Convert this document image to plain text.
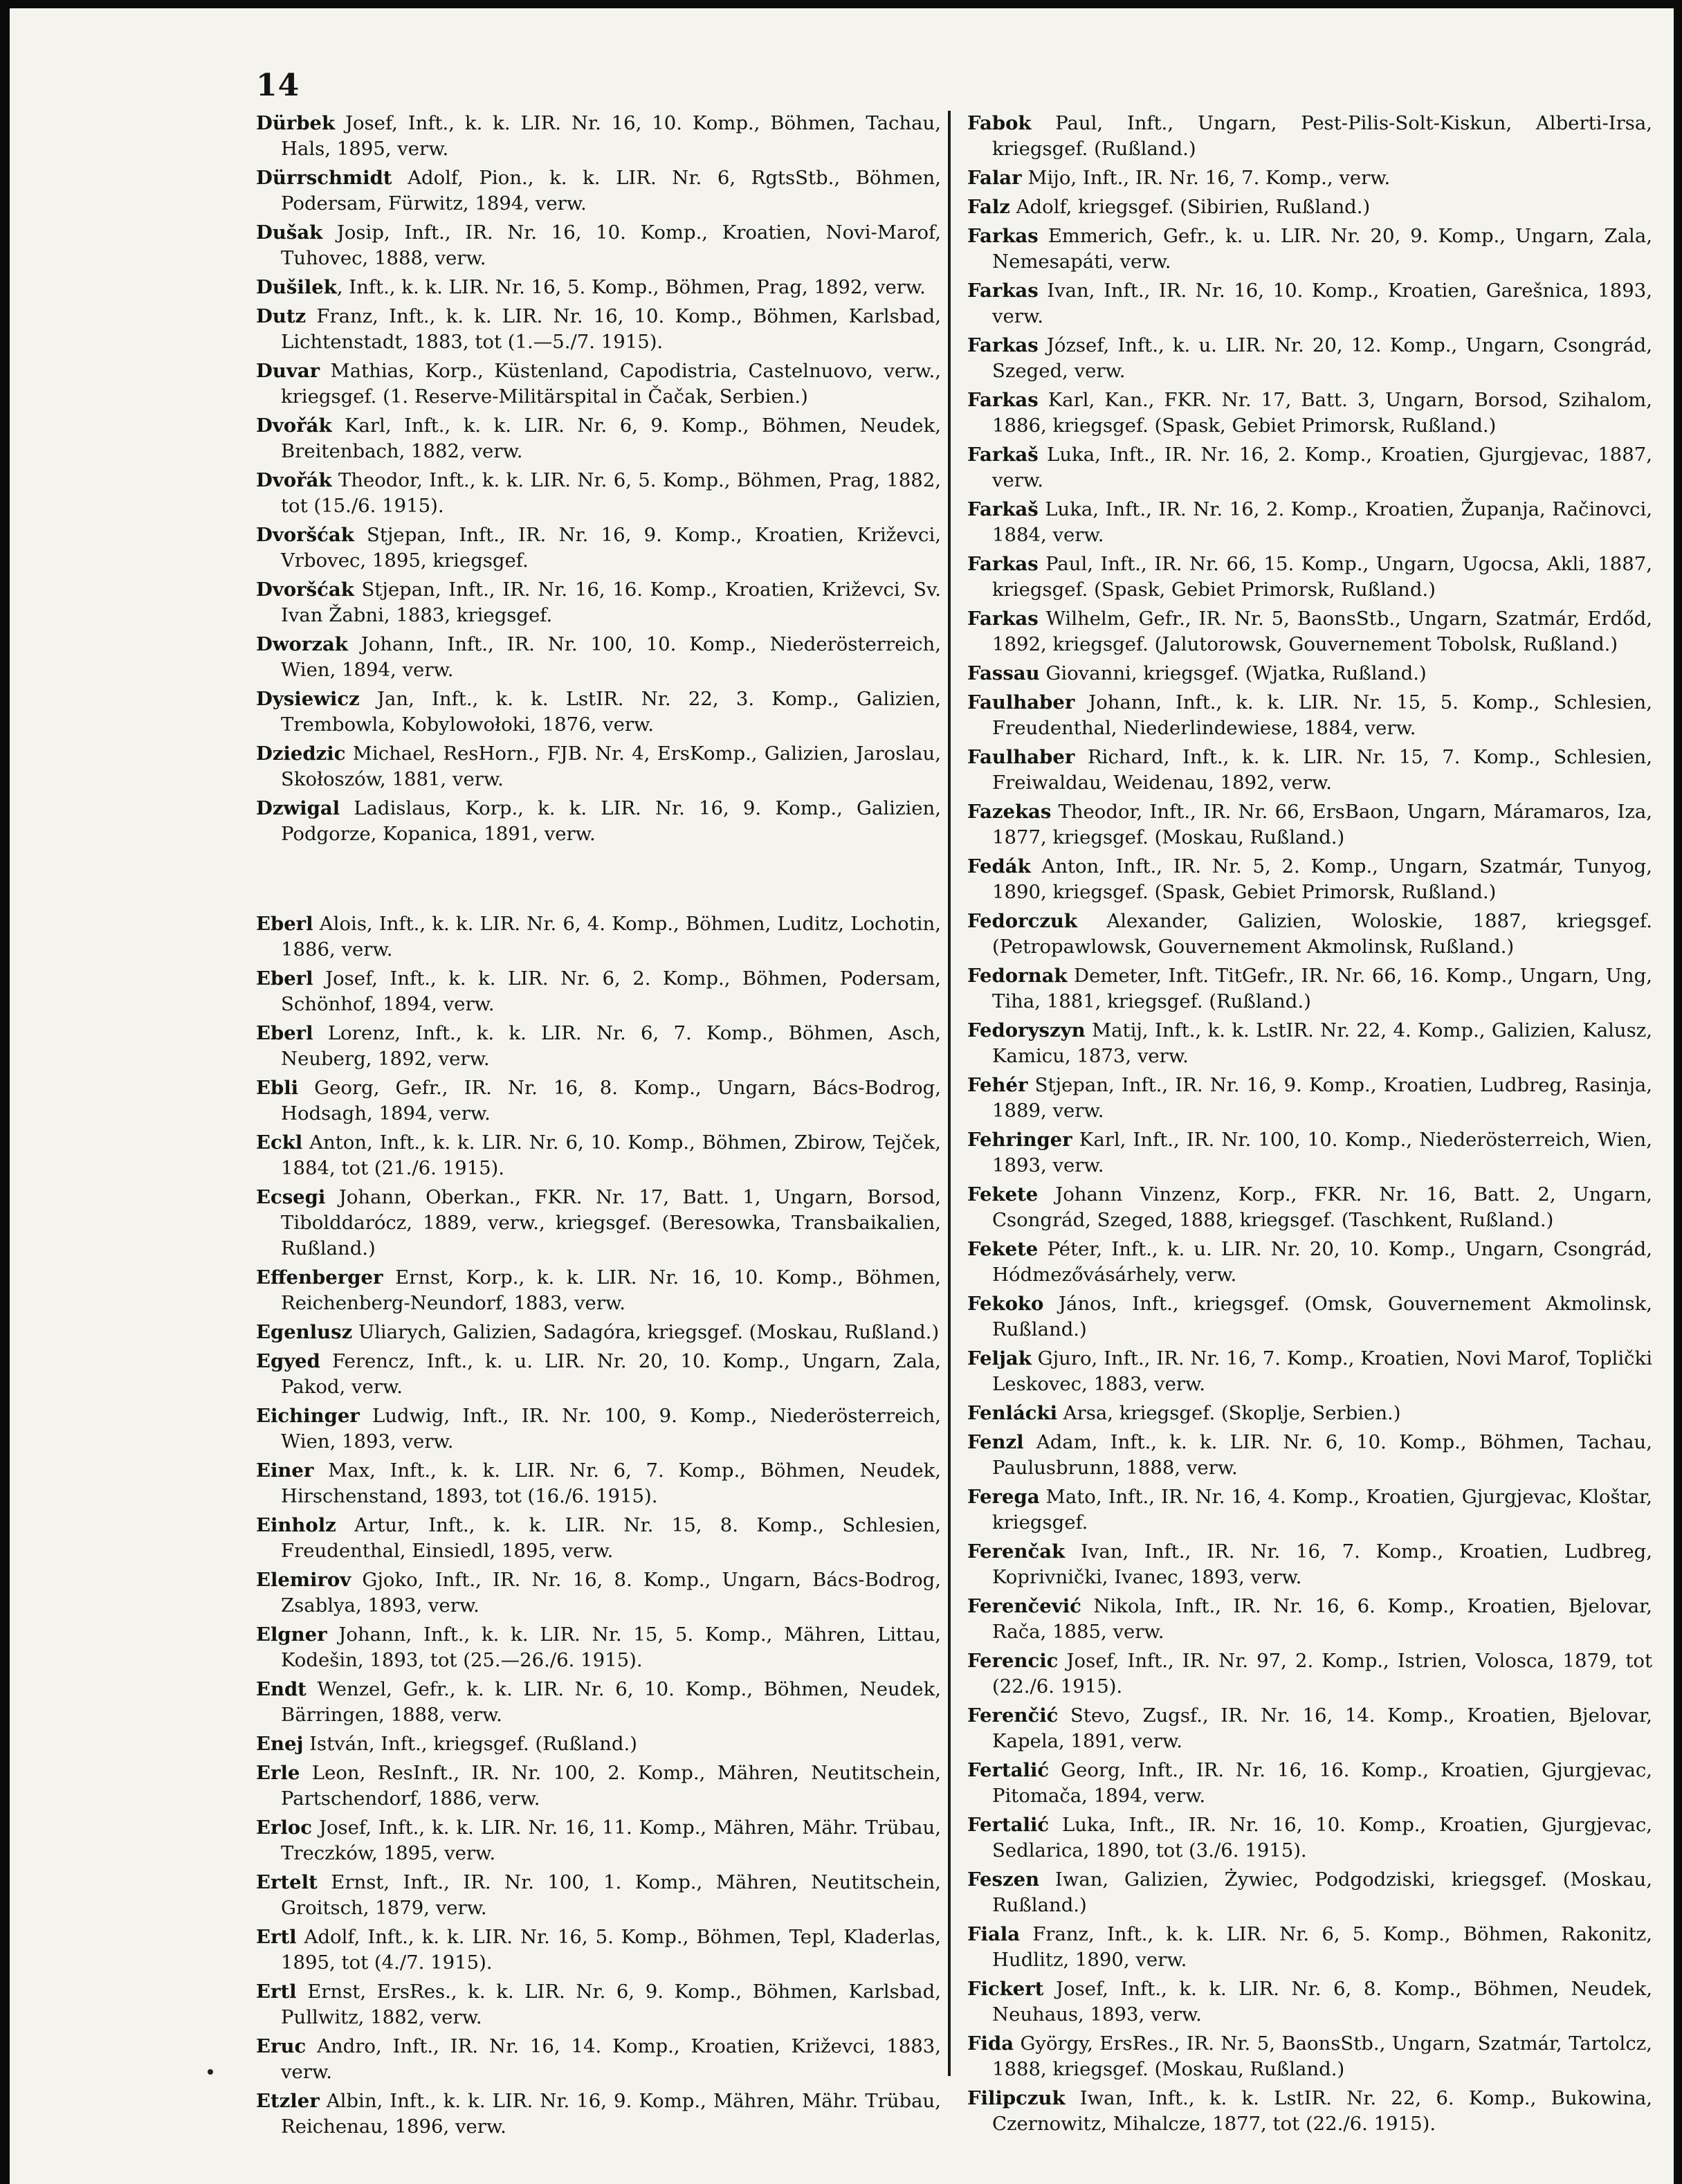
14
Dürbek Josef, Inft., k. k. LIR. Nr. 16, 10. Komp., Böhmen, Tachau, Hals, 1895, verw.
Dürrschmidt Adolf, Pion., k. k. LIR. Nr. 6, RgtsStb., Böhmen, Podersam, Fürwitz, 1894, verw.
Dušak Josip, Inft., IR. Nr. 16, 10. Komp., Kroatien, Novi-Marof, Tuhovec, 1888, verw.
Dušilek, Inft., k. k. LIR. Nr. 16, 5. Komp., Böhmen, Prag, 1892, verw.
Dutz Franz, Inft., k. k. LIR. Nr. 16, 10. Komp., Böhmen, Karlsbad, Lichtenstadt, 1883, tot (1.—5./7. 1915).
Duvar Mathias, Korp., Küstenland, Capodistria, Castelnuovo, verw., kriegsgef. (1. Reserve-Militärspital in Čačak, Serbien.)
Dvořák Karl, Inft., k. k. LIR. Nr. 6, 9. Komp., Böhmen, Neudek, Breitenbach, 1882, verw.
Dvořák Theodor, Inft., k. k. LIR. Nr. 6, 5. Komp., Böhmen, Prag, 1882, tot (15./6. 1915).
Dvoršćak Stjepan, Inft., IR. Nr. 16, 9. Komp., Kroatien, Križevci, Vrbovec, 1895, kriegsgef.
Dvoršćak Stjepan, Inft., IR. Nr. 16, 16. Komp., Kroatien, Križevci, Sv. Ivan Žabni, 1883, kriegsgef.
Dworzak Johann, Inft., IR. Nr. 100, 10. Komp., Niederösterreich, Wien, 1894, verw.
Dysiewicz Jan, Inft., k. k. LstIR. Nr. 22, 3. Komp., Galizien, Trembowla, Kobylowołoki, 1876, verw.
Dziedzic Michael, ResHorn., FJB. Nr. 4, ErsKomp., Galizien, Jaroslau, Skołoszów, 1881, verw.
Dzwigal Ladislaus, Korp., k. k. LIR. Nr. 16, 9. Komp., Galizien, Podgorze, Kopanica, 1891, verw.
Eberl Alois, Inft., k. k. LIR. Nr. 6, 4. Komp., Böhmen, Luditz, Lochotin, 1886, verw.
Eberl Josef, Inft., k. k. LIR. Nr. 6, 2. Komp., Böhmen, Podersam, Schönhof, 1894, verw.
Eberl Lorenz, Inft., k. k. LIR. Nr. 6, 7. Komp., Böhmen, Asch, Neuberg, 1892, verw.
Ebli Georg, Gefr., IR. Nr. 16, 8. Komp., Ungarn, Bács-Bodrog, Hodsagh, 1894, verw.
Eckl Anton, Inft., k. k. LIR. Nr. 6, 10. Komp., Böhmen, Zbirow, Tejček, 1884, tot (21./6. 1915).
Ecsegi Johann, Oberkan., FKR. Nr. 17, Batt. 1, Ungarn, Borsod, Tibolddarócz, 1889, verw., kriegsgef. (Beresowka, Transbaikalien, Rußland.)
Effenberger Ernst, Korp., k. k. LIR. Nr. 16, 10. Komp., Böhmen, Reichenberg-Neundorf, 1883, verw.
Egenlusz Uliarych, Galizien, Sadagóra, kriegsgef. (Moskau, Rußland.)
Egyed Ferencz, Inft., k. u. LIR. Nr. 20, 10. Komp., Ungarn, Zala, Pakod, verw.
Eichinger Ludwig, Inft., IR. Nr. 100, 9. Komp., Niederösterreich, Wien, 1893, verw.
Einer Max, Inft., k. k. LIR. Nr. 6, 7. Komp., Böhmen, Neudek, Hirschenstand, 1893, tot (16./6. 1915).
Einholz Artur, Inft., k. k. LIR. Nr. 15, 8. Komp., Schlesien, Freudenthal, Einsiedl, 1895, verw.
Elemirov Gjoko, Inft., IR. Nr. 16, 8. Komp., Ungarn, Bács-Bodrog, Zsablya, 1893, verw.
Elgner Johann, Inft., k. k. LIR. Nr. 15, 5. Komp., Mähren, Littau, Kodešin, 1893, tot (25.—26./6. 1915).
Endt Wenzel, Gefr., k. k. LIR. Nr. 6, 10. Komp., Böhmen, Neudek, Bärringen, 1888, verw.
Enej István, Inft., kriegsgef. (Rußland.)
Erle Leon, ResInft., IR. Nr. 100, 2. Komp., Mähren, Neutitschein, Partschendorf, 1886, verw.
Erloc Josef, Inft., k. k. LIR. Nr. 16, 11. Komp., Mähren, Mähr. Trübau, Treczków, 1895, verw.
Ertelt Ernst, Inft., IR. Nr. 100, 1. Komp., Mähren, Neutitschein, Groitsch, 1879, verw.
Ertl Adolf, Inft., k. k. LIR. Nr. 16, 5. Komp., Böhmen, Tepl, Kladerlas, 1895, tot (4./7. 1915).
Ertl Ernst, ErsRes., k. k. LIR. Nr. 6, 9. Komp., Böhmen, Karlsbad, Pullwitz, 1882, verw.
Eruc Andro, Inft., IR. Nr. 16, 14. Komp., Kroatien, Križevci, 1883, verw.
Etzler Albin, Inft., k. k. LIR. Nr. 16, 9. Komp., Mähren, Mähr. Trübau, Reichenau, 1896, verw.
Fabok Paul, Inft., Ungarn, Pest-Pilis-Solt-Kiskun, Alberti-Irsa, kriegsgef. (Rußland.)
Falar Mijo, Inft., IR. Nr. 16, 7. Komp., verw.
Falz Adolf, kriegsgef. (Sibirien, Rußland.)
Farkas Emmerich, Gefr., k. u. LIR. Nr. 20, 9. Komp., Ungarn, Zala, Nemesapáti, verw.
Farkas Ivan, Inft., IR. Nr. 16, 10. Komp., Kroatien, Garešnica, 1893, verw.
Farkas József, Inft., k. u. LIR. Nr. 20, 12. Komp., Ungarn, Csongrád, Szeged, verw.
Farkas Karl, Kan., FKR. Nr. 17, Batt. 3, Ungarn, Borsod, Szihalom, 1886, kriegsgef. (Spask, Gebiet Primorsk, Rußland.)
Farkaš Luka, Inft., IR. Nr. 16, 2. Komp., Kroatien, Gjurgjevac, 1887, verw.
Farkaš Luka, Inft., IR. Nr. 16, 2. Komp., Kroatien, Županja, Račinovci, 1884, verw.
Farkas Paul, Inft., IR. Nr. 66, 15. Komp., Ungarn, Ugocsa, Akli, 1887, kriegsgef. (Spask, Gebiet Primorsk, Rußland.)
Farkas Wilhelm, Gefr., IR. Nr. 5, BaonsStb., Ungarn, Szatmár, Erdőd, 1892, kriegsgef. (Jalutorowsk, Gouvernement Tobolsk, Rußland.)
Fassau Giovanni, kriegsgef. (Wjatka, Rußland.)
Faulhaber Johann, Inft., k. k. LIR. Nr. 15, 5. Komp., Schlesien, Freudenthal, Niederlindewiese, 1884, verw.
Faulhaber Richard, Inft., k. k. LIR. Nr. 15, 7. Komp., Schlesien, Freiwaldau, Weidenau, 1892, verw.
Fazekas Theodor, Inft., IR. Nr. 66, ErsBaon, Ungarn, Máramaros, Iza, 1877, kriegsgef. (Moskau, Rußland.)
Fedák Anton, Inft., IR. Nr. 5, 2. Komp., Ungarn, Szatmár, Tunyog, 1890, kriegsgef. (Spask, Gebiet Primorsk, Rußland.)
Fedorczuk Alexander, Galizien, Woloskie, 1887, kriegsgef. (Petropawlowsk, Gouvernement Akmolinsk, Rußland.)
Fedornak Demeter, Inft. TitGefr., IR. Nr. 66, 16. Komp., Ungarn, Ung, Tiha, 1881, kriegsgef. (Rußland.)
Fedoryszyn Matij, Inft., k. k. LstIR. Nr. 22, 4. Komp., Galizien, Kalusz, Kamicu, 1873, verw.
Fehér Stjepan, Inft., IR. Nr. 16, 9. Komp., Kroatien, Ludbreg, Rasinja, 1889, verw.
Fehringer Karl, Inft., IR. Nr. 100, 10. Komp., Niederösterreich, Wien, 1893, verw.
Fekete Johann Vinzenz, Korp., FKR. Nr. 16, Batt. 2, Ungarn, Csongrád, Szeged, 1888, kriegsgef. (Taschkent, Rußland.)
Fekete Péter, Inft., k. u. LIR. Nr. 20, 10. Komp., Ungarn, Csongrád, Hódmezővásárhely, verw.
Fekoko János, Inft., kriegsgef. (Omsk, Gouvernement Akmolinsk, Rußland.)
Feljak Gjuro, Inft., IR. Nr. 16, 7. Komp., Kroatien, Novi Marof, Toplički Leskovec, 1883, verw.
Fenlácki Arsa, kriegsgef. (Skoplje, Serbien.)
Fenzl Adam, Inft., k. k. LIR. Nr. 6, 10. Komp., Böhmen, Tachau, Paulusbrunn, 1888, verw.
Ferega Mato, Inft., IR. Nr. 16, 4. Komp., Kroatien, Gjurgjevac, Kloštar, kriegsgef.
Ferenčak Ivan, Inft., IR. Nr. 16, 7. Komp., Kroatien, Ludbreg, Koprivnički, Ivanec, 1893, verw.
Ferenčević Nikola, Inft., IR. Nr. 16, 6. Komp., Kroatien, Bjelovar, Rača, 1885, verw.
Ferencic Josef, Inft., IR. Nr. 97, 2. Komp., Istrien, Volosca, 1879, tot (22./6. 1915).
Ferenčić Stevo, Zugsf., IR. Nr. 16, 14. Komp., Kroatien, Bjelovar, Kapela, 1891, verw.
Fertalić Georg, Inft., IR. Nr. 16, 16. Komp., Kroatien, Gjurgjevac, Pitomača, 1894, verw.
Fertalić Luka, Inft., IR. Nr. 16, 10. Komp., Kroatien, Gjurgjevac, Sedlarica, 1890, tot (3./6. 1915).
Feszen Iwan, Galizien, Żywiec, Podgodziski, kriegsgef. (Moskau, Rußland.)
Fiala Franz, Inft., k. k. LIR. Nr. 6, 5. Komp., Böhmen, Rakonitz, Hudlitz, 1890, verw.
Fickert Josef, Inft., k. k. LIR. Nr. 6, 8. Komp., Böhmen, Neudek, Neuhaus, 1893, verw.
Fida György, ErsRes., IR. Nr. 5, BaonsStb., Ungarn, Szatmár, Tartolcz, 1888, kriegsgef. (Moskau, Rußland.)
Filipczuk Iwan, Inft., k. k. LstIR. Nr. 22, 6. Komp., Bukowina, Czernowitz, Mihalcze, 1877, tot (22./6. 1915).
